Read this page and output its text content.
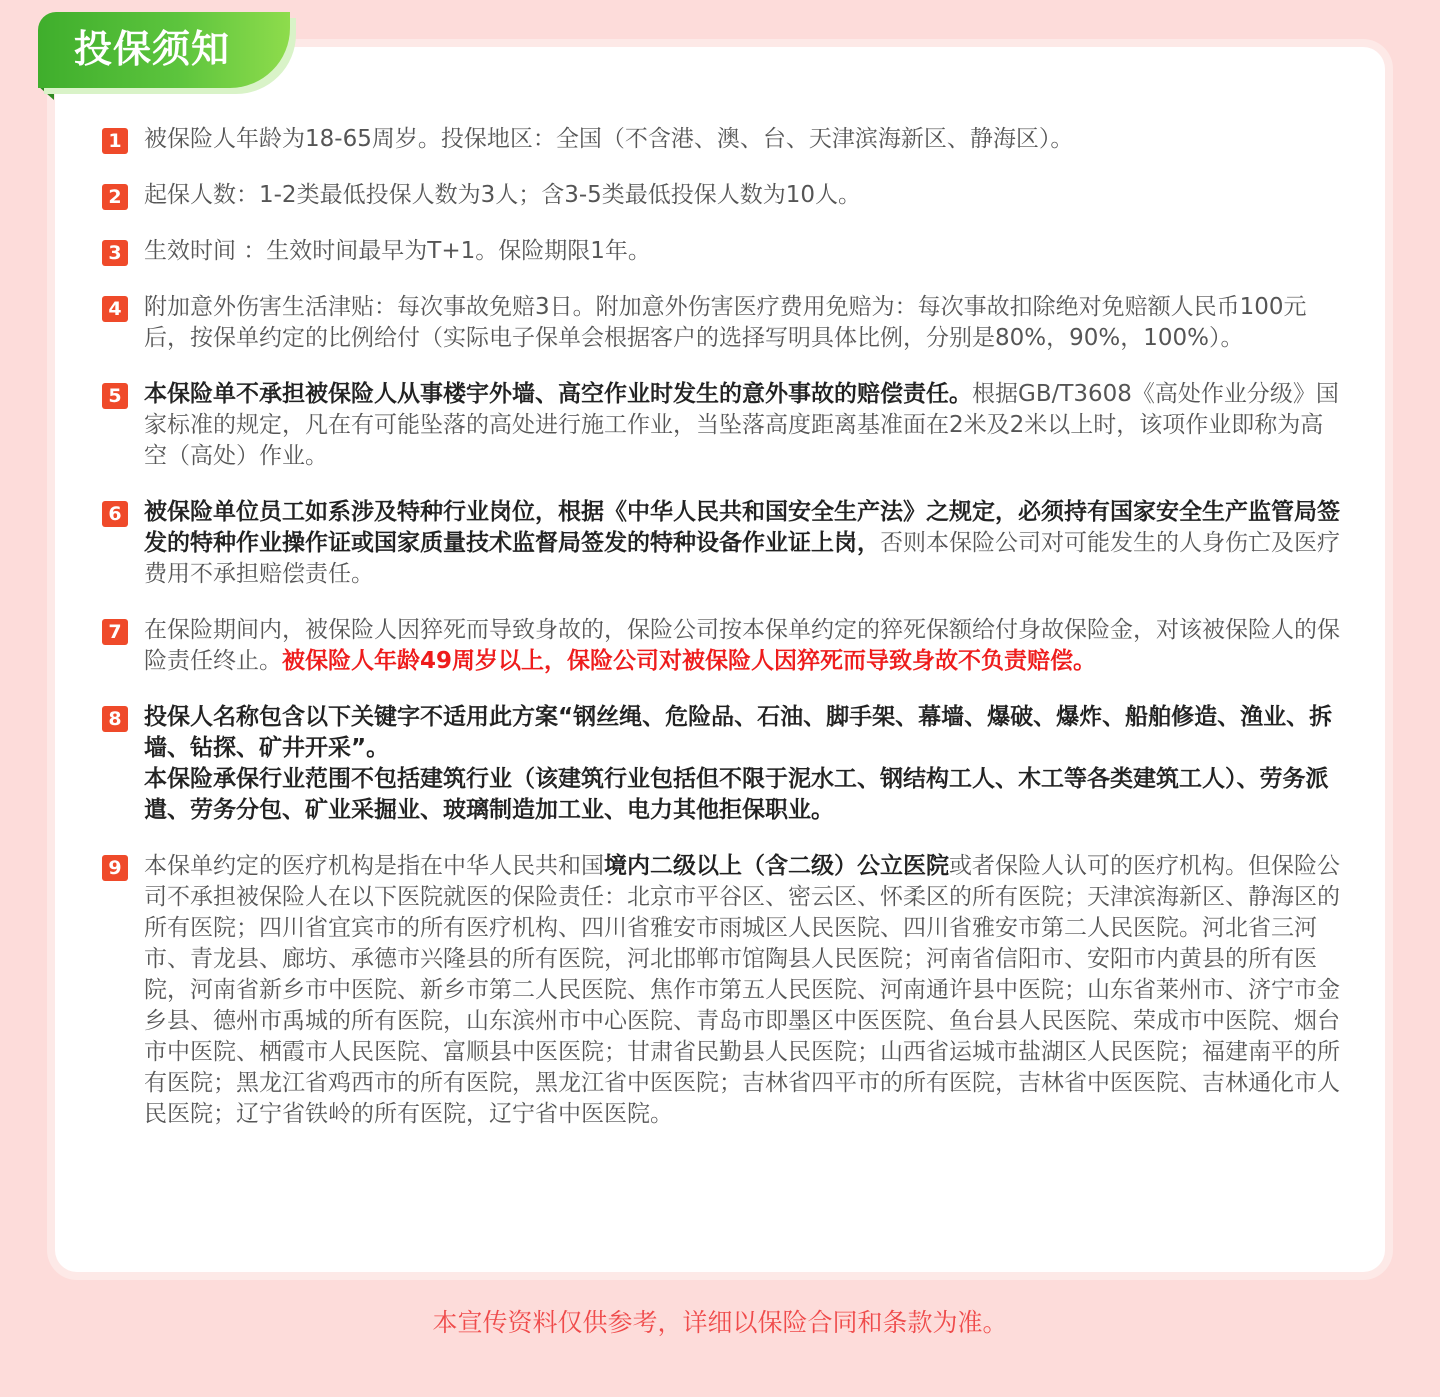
投保须知
1 被保险人年龄为18-65周岁。投保地区：全国（不含港、澳、台、天津滨海新区、静海区）。
2 起保人数：1-2类最低投保人数为3人；含3-5类最低投保人数为10人。
3 生效时间 ：生效时间最早为T+1。保险期限1年。
4 附加意外伤害生活津贴：每次事故免赔3日。附加意外伤害医疗费用免赔为：每次事故扣除绝对免赔额人民币100元后，按保单约定的比例给付（实际电子保单会根据客户的选择写明具体比例，分别是80%，90%，100%）。
5 本保险单不承担被保险人从事楼宇外墙、高空作业时发生的意外事故的赔偿责任。根据GB/T3608《高处作业分级》国家标准的规定，凡在有可能坠落的高处进行施工作业，当坠落高度距离基准面在2米及2米以上时，该项作业即称为高空（高处）作业。
6 被保险单位员工如系涉及特种行业岗位，根据《中华人民共和国安全生产法》之规定，必须持有国家安全生产监管局签发的特种作业操作证或国家质量技术监督局签发的特种设备作业证上岗，否则本保险公司对可能发生的人身伤亡及医疗费用不承担赔偿责任。
7 在保险期间内，被保险人因猝死而导致身故的，保险公司按本保单约定的猝死保额给付身故保险金，对该被保险人的保险责任终止。被保险人年龄49周岁以上，保险公司对被保险人因猝死而导致身故不负责赔偿。
8 投保人名称包含以下关键字不适用此方案“钢丝绳、危险品、石油、脚手架、幕墙、爆破、爆炸、船舶修造、渔业、拆墙、钻探、矿井开采”。
本保险承保行业范围不包括建筑行业（该建筑行业包括但不限于泥水工、钢结构工人、木工等各类建筑工人）、劳务派遣、劳务分包、矿业采掘业、玻璃制造加工业、电力其他拒保职业。
9 本保单约定的医疗机构是指在中华人民共和国境内二级以上（含二级）公立医院或者保险人认可的医疗机构。但保险公司不承担被保险人在以下医院就医的保险责任：北京市平谷区、密云区、怀柔区的所有医院；天津滨海新区、静海区的所有医院；四川省宜宾市的所有医疗机构、四川省雅安市雨城区人民医院、四川省雅安市第二人民医院。河北省三河市、青龙县、廊坊、承德市兴隆县的所有医院，河北邯郸市馆陶县人民医院；河南省信阳市、安阳市内黄县的所有医院，河南省新乡市中医院、新乡市第二人民医院、焦作市第五人民医院、河南通许县中医院；山东省莱州市、济宁市金乡县、德州市禹城的所有医院，山东滨州市中心医院、青岛市即墨区中医医院、鱼台县人民医院、荣成市中医院、烟台市中医院、栖霞市人民医院、富顺县中医医院；甘肃省民勤县人民医院；山西省运城市盐湖区人民医院；福建南平的所有医院；黑龙江省鸡西市的所有医院，黑龙江省中医医院；吉林省四平市的所有医院，吉林省中医医院、吉林通化市人民医院；辽宁省铁岭的所有医院，辽宁省中医医院。
本宣传资料仅供参考，详细以保险合同和条款为准。
